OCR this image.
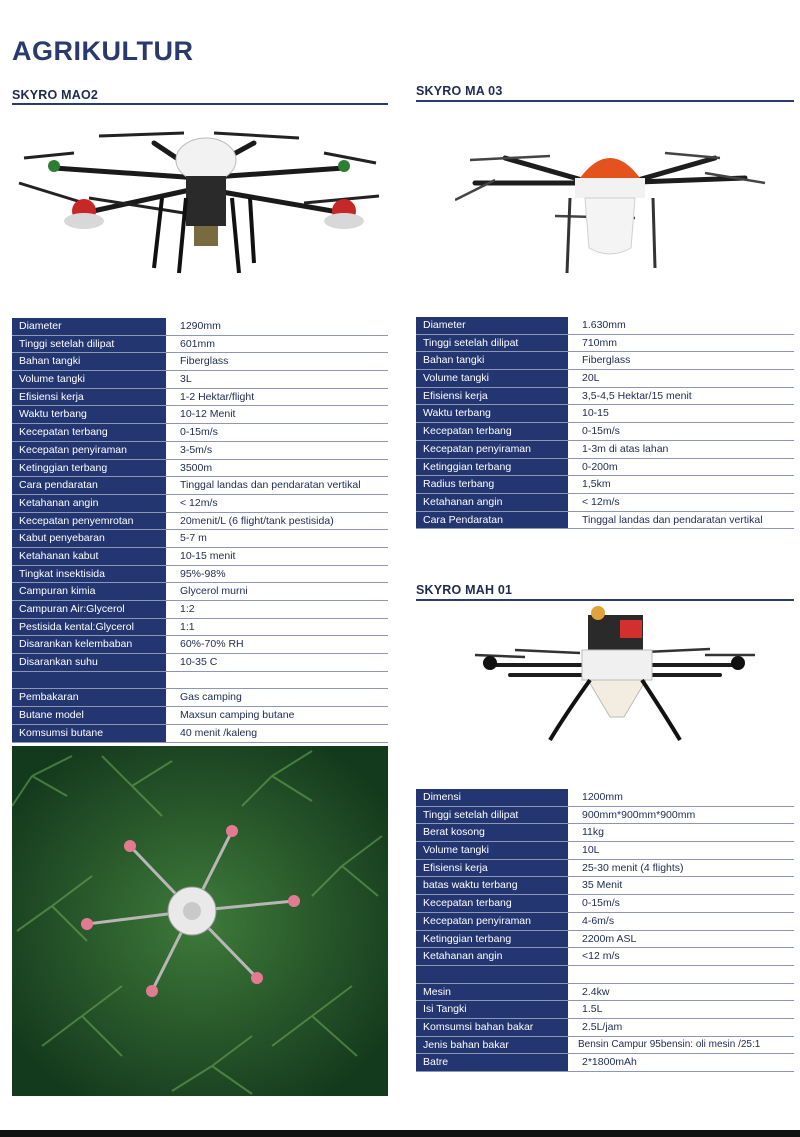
AGRIKULTUR
SKYRO MAO2
Diameter	1290mm
Tinggi setelah dilipat	601mm
Bahan tangki	Fiberglass
Volume tangki	3L
Efisiensi kerja	1-2 Hektar/flight
Waktu terbang	10-12 Menit
Kecepatan terbang	0-15m/s
Kecepatan penyiraman	3-5m/s
Ketinggian terbang	3500m
Cara pendaratan	Tinggal landas dan pendaratan vertikal
Ketahanan angin	< 12m/s
Kecepatan penyemrotan	20menit/L (6 flight/tank pestisida)
Kabut penyebaran	5-7 m
Ketahanan kabut	10-15 menit
Tingkat insektisida	95%-98%
Campuran kimia	Glycerol murni
Campuran Air:Glycerol	1:2
Pestisida kental:Glycerol	1:1
Disarankan kelembaban	60%-70% RH
Disarankan suhu	10-35 C
Pembakaran	Gas camping
Butane model	Maxsun camping butane
Komsumsi butane	40 menit /kaleng
SKYRO MA 03
Diameter	1.630mm
Tinggi setelah dilipat	710mm
Bahan tangki	Fiberglass
Volume tangki	20L
Efisiensi kerja	3,5-4,5 Hektar/15 menit
Waktu terbang	10-15
Kecepatan terbang	0-15m/s
Kecepatan penyiraman	1-3m di atas lahan
Ketinggian terbang	0-200m
Radius terbang	1,5km
Ketahanan angin	< 12m/s
Cara Pendaratan	Tinggal landas dan pendaratan vertikal
SKYRO MAH 01
Dimensi	1200mm
Tinggi setelah dilipat	900mm*900mm*900mm
Berat kosong	11kg
Volume tangki	10L
Efisiensi kerja	25-30 menit (4 flights)
batas waktu terbang	35 Menit
Kecepatan terbang	0-15m/s
Kecepatan penyiraman	4-6m/s
Ketinggian terbang	2200m ASL
Ketahanan angin	<12 m/s
Mesin	2.4kw
Isi Tangki	1.5L
Komsumsi bahan bakar	2.5L/jam
Jenis bahan bakar	Bensin Campur 95bensin: oli mesin /25:1
Batre	2*1800mAh
